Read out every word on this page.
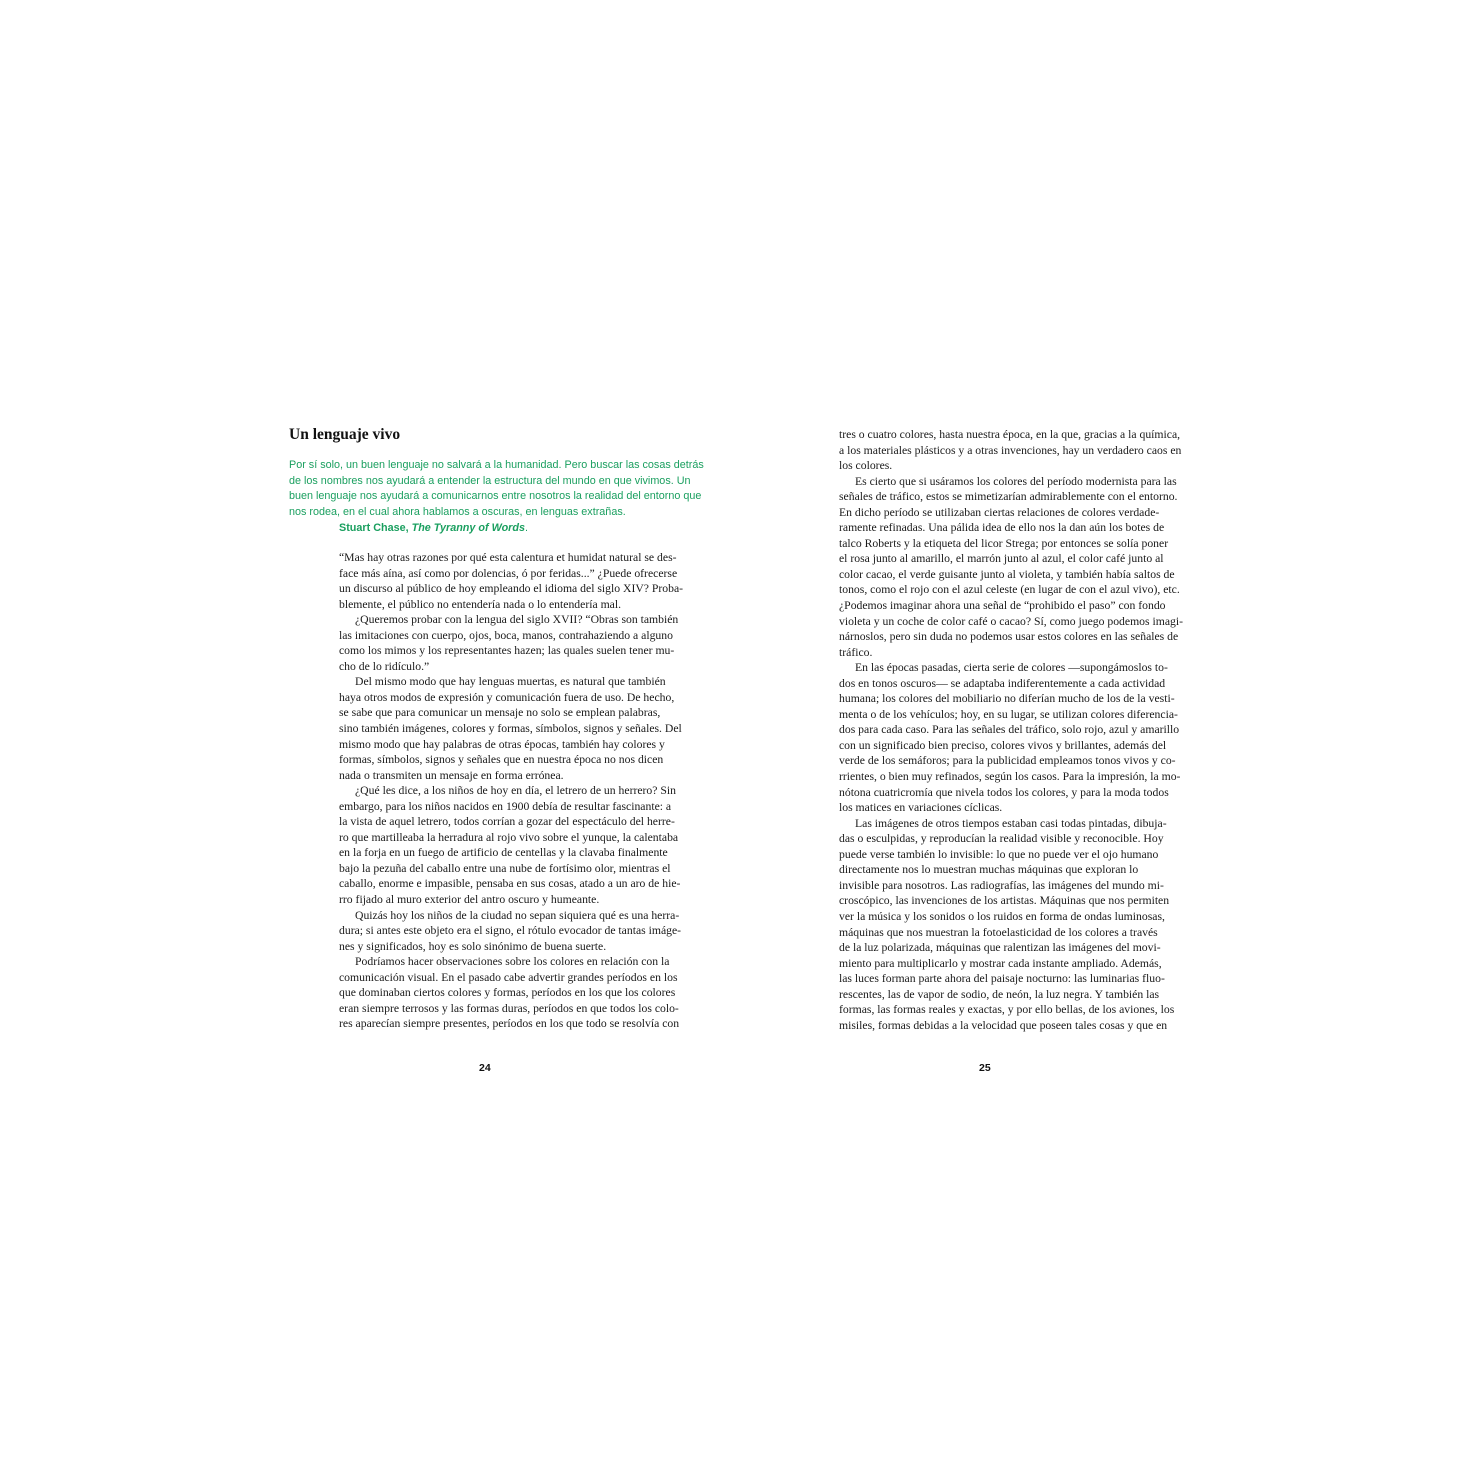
Un lenguaje vivo
Por sí solo, un buen lenguaje no salvará a la humanidad. Pero buscar las cosas detrás
de los nombres nos ayudará a entender la estructura del mundo en que vivimos. Un
buen lenguaje nos ayudará a comunicarnos entre nosotros la realidad del entorno que
nos rodea, en el cual ahora hablamos a oscuras, en lenguas extrañas.
Stuart Chase, The Tyranny of Words.
“Mas hay otras razones por qué esta calentura et humidat natural se des-
face más aína, así como por dolencias, ó por feridas...” ¿Puede ofrecerse
un discurso al público de hoy empleando el idioma del siglo XIV? Proba-
blemente, el público no entendería nada o lo entendería mal.
¿Queremos probar con la lengua del siglo XVII? “Obras son también
las imitaciones con cuerpo, ojos, boca, manos, contrahaziendo a alguno
como los mimos y los representantes hazen; las quales suelen tener mu-
cho de lo ridículo.”
Del mismo modo que hay lenguas muertas, es natural que también
haya otros modos de expresión y comunicación fuera de uso. De hecho,
se sabe que para comunicar un mensaje no solo se emplean palabras,
sino también imágenes, colores y formas, símbolos, signos y señales. Del
mismo modo que hay palabras de otras épocas, también hay colores y
formas, símbolos, signos y señales que en nuestra época no nos dicen
nada o transmiten un mensaje en forma errónea.
¿Qué les dice, a los niños de hoy en día, el letrero de un herrero? Sin
embargo, para los niños nacidos en 1900 debía de resultar fascinante: a
la vista de aquel letrero, todos corrían a gozar del espectáculo del herre-
ro que martilleaba la herradura al rojo vivo sobre el yunque, la calentaba
en la forja en un fuego de artificio de centellas y la clavaba finalmente
bajo la pezuña del caballo entre una nube de fortísimo olor, mientras el
caballo, enorme e impasible, pensaba en sus cosas, atado a un aro de hie-
rro fijado al muro exterior del antro oscuro y humeante.
Quizás hoy los niños de la ciudad no sepan siquiera qué es una herra-
dura; si antes este objeto era el signo, el rótulo evocador de tantas imáge-
nes y significados, hoy es solo sinónimo de buena suerte.
Podríamos hacer observaciones sobre los colores en relación con la
comunicación visual. En el pasado cabe advertir grandes períodos en los
que dominaban ciertos colores y formas, períodos en los que los colores
eran siempre terrosos y las formas duras, períodos en que todos los colo-
res aparecían siempre presentes, períodos en los que todo se resolvía con
tres o cuatro colores, hasta nuestra época, en la que, gracias a la química,
a los materiales plásticos y a otras invenciones, hay un verdadero caos en
los colores.
Es cierto que si usáramos los colores del período modernista para las
señales de tráfico, estos se mimetizarían admirablemente con el entorno.
En dicho período se utilizaban ciertas relaciones de colores verdade-
ramente refinadas. Una pálida idea de ello nos la dan aún los botes de
talco Roberts y la etiqueta del licor Strega; por entonces se solía poner
el rosa junto al amarillo, el marrón junto al azul, el color café junto al
color cacao, el verde guisante junto al violeta, y también había saltos de
tonos, como el rojo con el azul celeste (en lugar de con el azul vivo), etc.
¿Podemos imaginar ahora una señal de “prohibido el paso” con fondo
violeta y un coche de color café o cacao? Sí, como juego podemos imagi-
nárnoslos, pero sin duda no podemos usar estos colores en las señales de
tráfico.
En las épocas pasadas, cierta serie de colores —supongámoslos to-
dos en tonos oscuros— se adaptaba indiferentemente a cada actividad
humana; los colores del mobiliario no diferían mucho de los de la vesti-
menta o de los vehículos; hoy, en su lugar, se utilizan colores diferencia-
dos para cada caso. Para las señales del tráfico, solo rojo, azul y amarillo
con un significado bien preciso, colores vivos y brillantes, además del
verde de los semáforos; para la publicidad empleamos tonos vivos y co-
rrientes, o bien muy refinados, según los casos. Para la impresión, la mo-
nótona cuatricromía que nivela todos los colores, y para la moda todos
los matices en variaciones cíclicas.
Las imágenes de otros tiempos estaban casi todas pintadas, dibuja-
das o esculpidas, y reproducían la realidad visible y reconocible. Hoy
puede verse también lo invisible: lo que no puede ver el ojo humano
directamente nos lo muestran muchas máquinas que exploran lo
invisible para nosotros. Las radiografías, las imágenes del mundo mi-
croscópico, las invenciones de los artistas. Máquinas que nos permiten
ver la música y los sonidos o los ruidos en forma de ondas luminosas,
máquinas que nos muestran la fotoelasticidad de los colores a través
de la luz polarizada, máquinas que ralentizan las imágenes del movi-
miento para multiplicarlo y mostrar cada instante ampliado. Además,
las luces forman parte ahora del paisaje nocturno: las luminarias fluo-
rescentes, las de vapor de sodio, de neón, la luz negra. Y también las
formas, las formas reales y exactas, y por ello bellas, de los aviones, los
misiles, formas debidas a la velocidad que poseen tales cosas y que en
24	25
